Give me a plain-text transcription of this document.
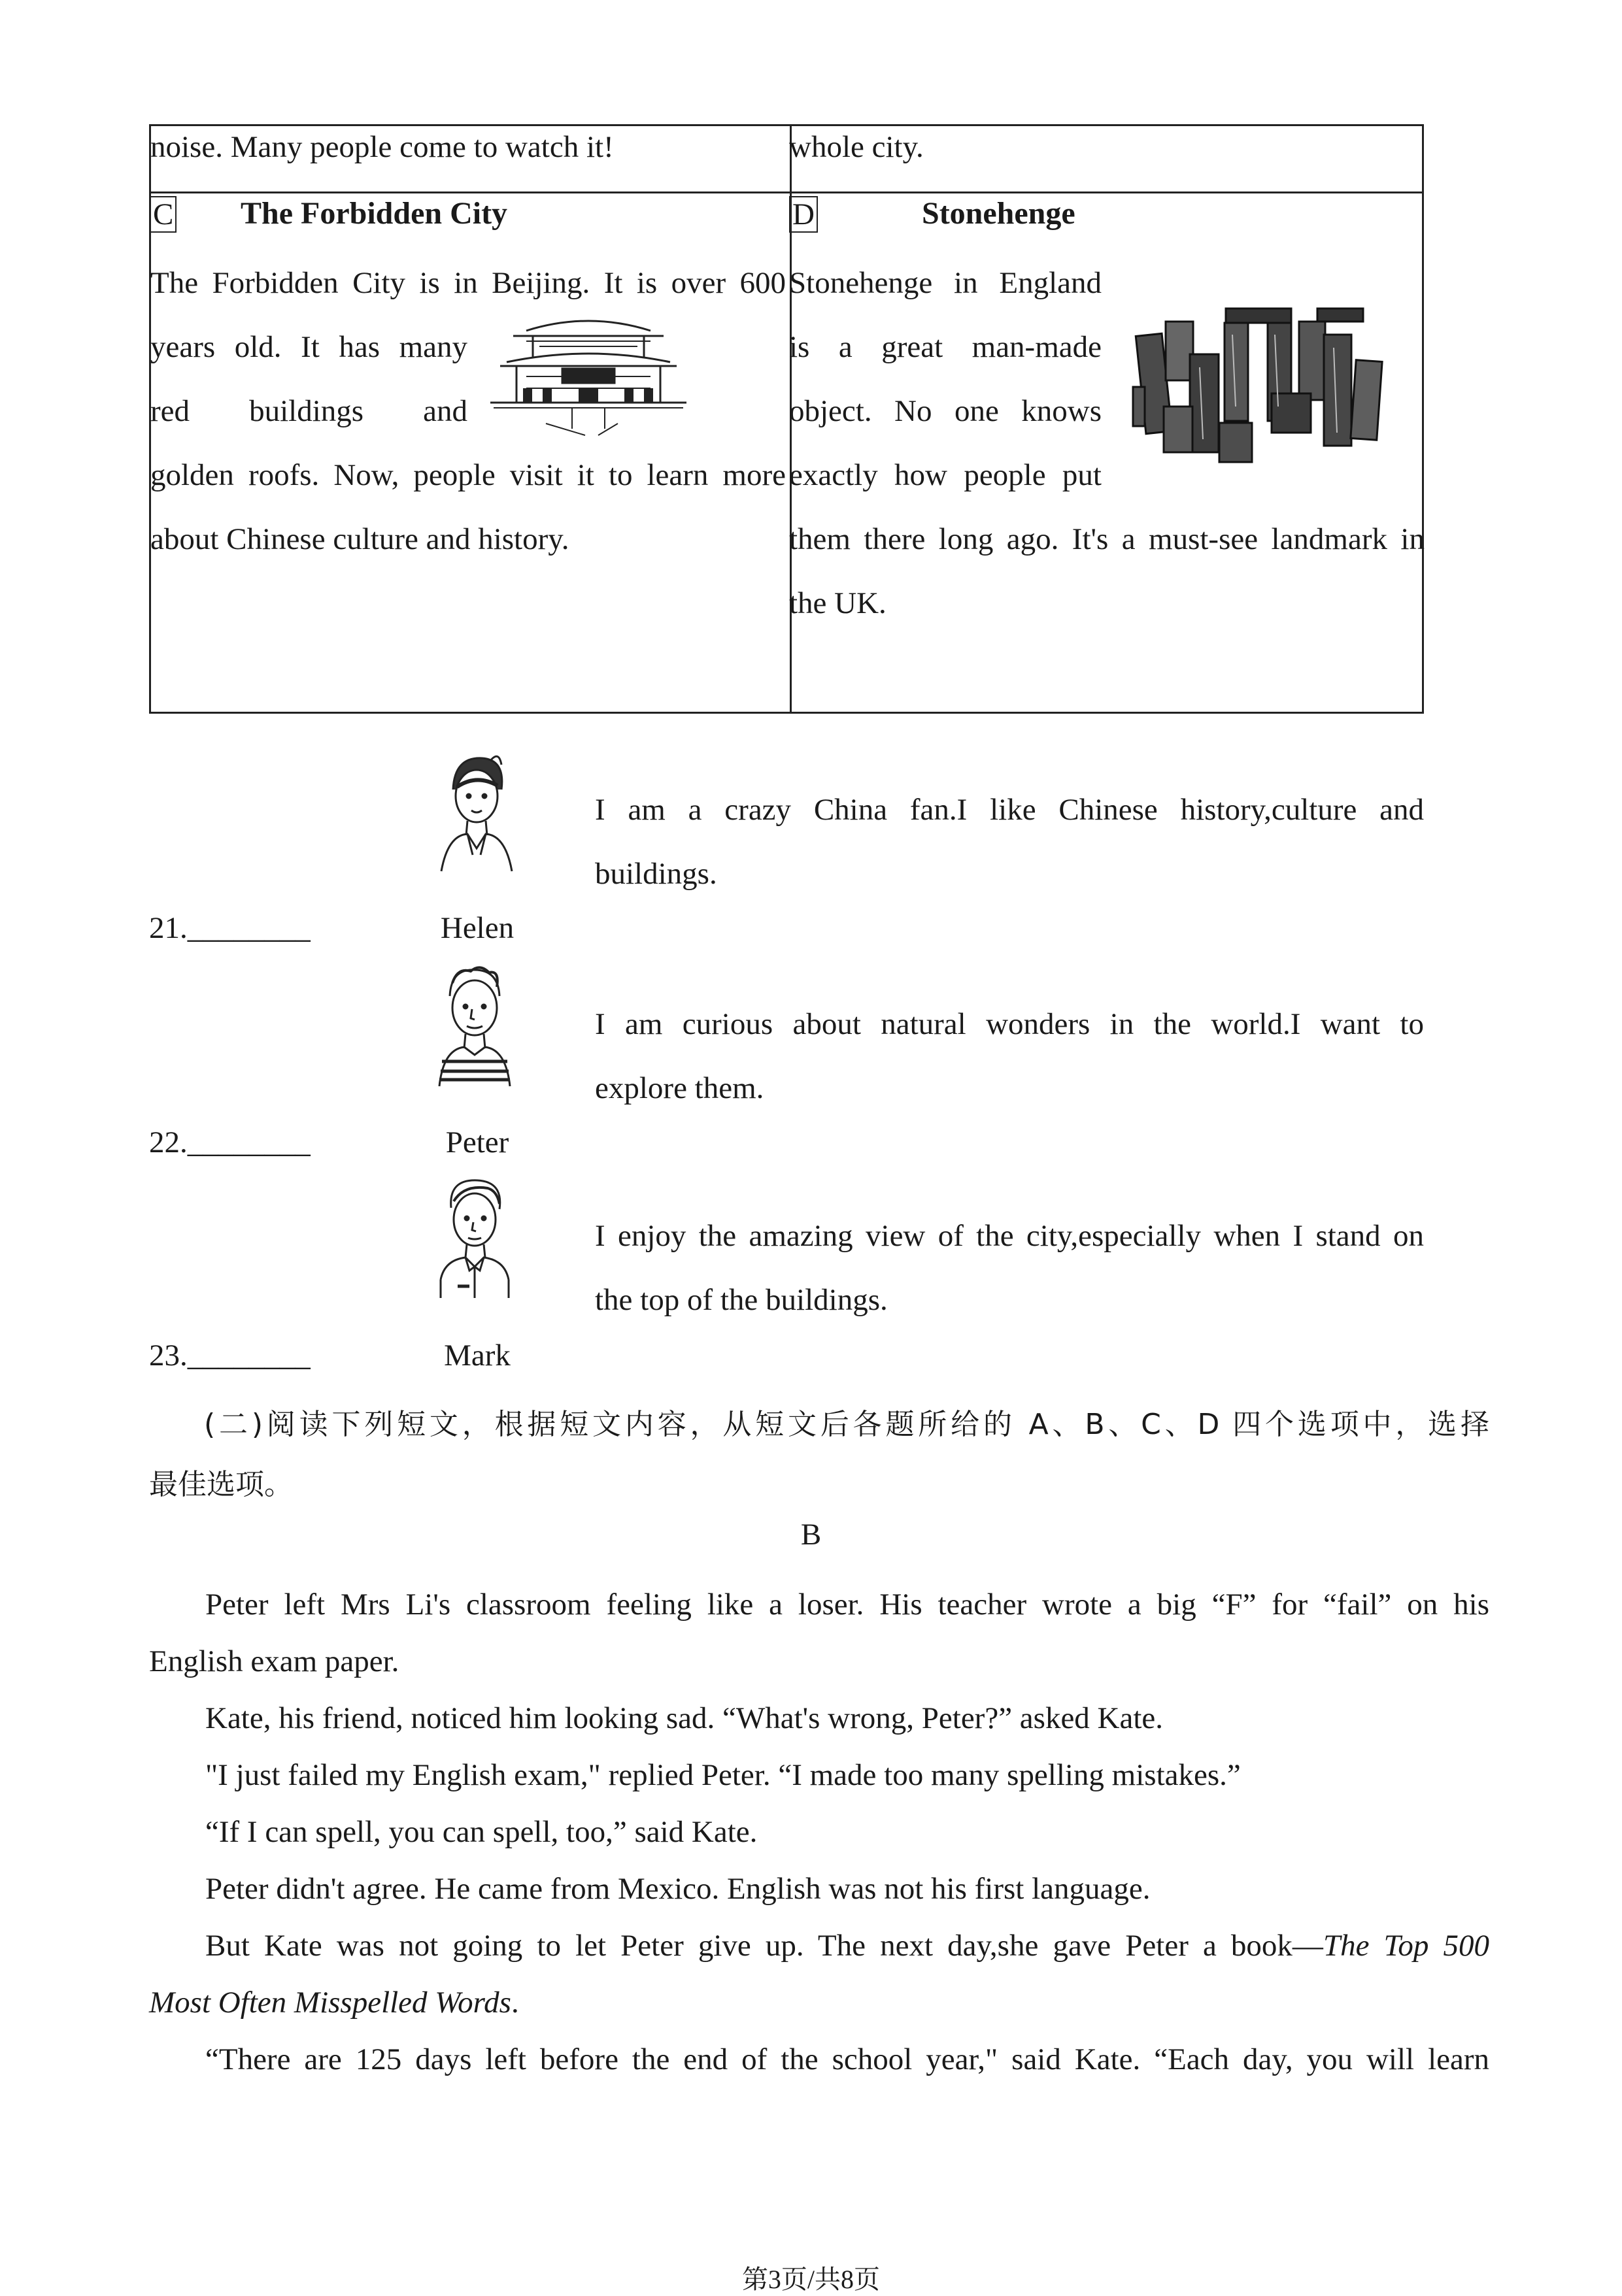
noise. Many people come to watch it!	whole city.
C The Forbidden City
The Forbidden City is in Beijing. It is over 600
years old. It has many
red buildings and
golden roofs. Now, people visit it to learn more
about Chinese culture and history.
D	Stonehenge
Stonehenge in England
is a great man-made
object. No one knows
exactly how people put
them there long ago. It's a must-see landmark in
the UK.
21.________	Helen
I am a crazy China fan.I like Chinese history,culture and
buildings.
22.________	Peter
I am curious about natural wonders in the world.I want to
explore them.
23.________	Mark
I enjoy the amazing view of the city,especially when I stand on
the top of the buildings.
(二)阅读下列短文，根据短文内容，从短文后各题所给的 A、B、C、D 四个选项中，选择
最佳选项。
B
Peter left Mrs Li's classroom feeling like a loser. His teacher wrote a big “F” for “fail” on his
English exam paper.
Kate, his friend, noticed him looking sad. “What's wrong, Peter?” asked Kate.
"I just failed my English exam," replied Peter. “I made too many spelling mistakes.”
“If I can spell, you can spell, too,” said Kate.
Peter didn't agree. He came from Mexico. English was not his first language.
But Kate was not going to let Peter give up. The next day,she gave Peter a book—The Top 500
Most Often Misspelled Words.
“There are 125 days left before the end of the school year," said Kate. “Each day, you will learn
第3页/共8页
